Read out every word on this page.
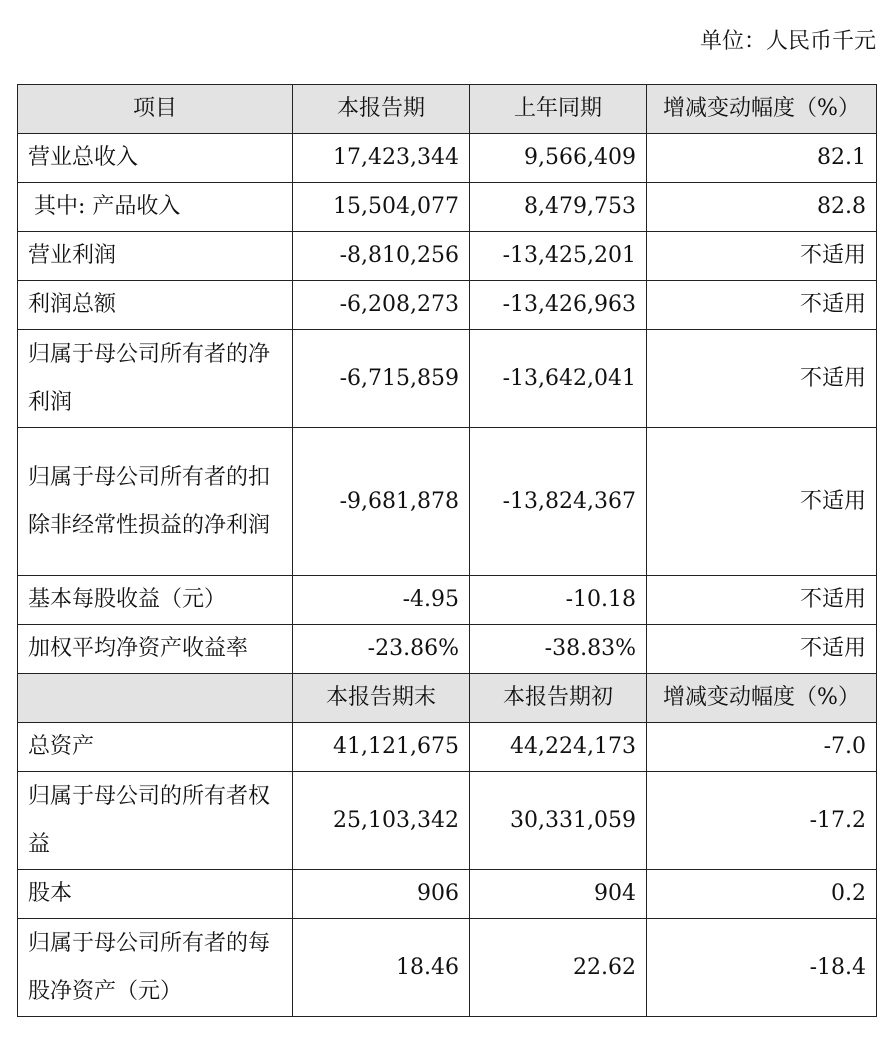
单位：人民币千元
项目	本报告期	上年同期	增减变动幅度（%）
营业总收入	17,423,344	9,566,409	82.1
其中: 产品收入	15,504,077	8,479,753	82.8
营业利润	-8,810,256	-13,425,201	不适用
利润总额	-6,208,273	-13,426,963	不适用
归属于母公司所有者的净利润	-6,715,859	-13,642,041	不适用
归属于母公司所有者的扣除非经常性损益的净利润	-9,681,878	-13,824,367	不适用
基本每股收益（元）	-4.95	-10.18	不适用
加权平均净资产收益率	-23.86%	-38.83%	不适用
	本报告期末	本报告期初	增减变动幅度（%）
总资产	41,121,675	44,224,173	-7.0
归属于母公司的所有者权益	25,103,342	30,331,059	-17.2
股本	906	904	0.2
归属于母公司所有者的每股净资产（元）	18.46	22.62	-18.4
